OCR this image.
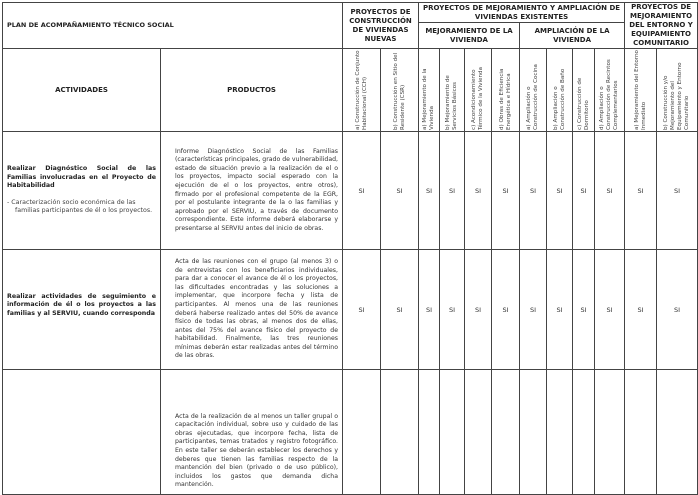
PLAN DE ACOMPAÑAMIENTO TÉCNICO SOCIAL		PROYECTOS DE CONSTRUCCIÓN DE VIVIENDAS NUEVAS		PROYECTOS DE MEJORAMIENTO Y AMPLIACIÓN DE VIVIENDAS EXISTENTES								PROYECTOS DE MEJORAMIENTO DEL ENTORNO Y EQUIPAMIENTO COMUNITARIO	
				MEJORAMIENTO DE LA VIVIENDA				AMPLIACIÓN DE LA VIVIENDA					
ACTIVIDADES	PRODUCTOS	a) Construcción de Conjunto Habitacional (CCH)	b) Construcción en Sitio del Residente (CSR)	a) Mejoramiento de la Vivienda	b) Mejoramiento de Servicios Básicos	c) Acondicionamiento Térmico de la Vivienda	d) Obras de Eficiencia Energética e Hídrica	a) Ampliación o Construcción de Cocina	b) Ampliación o Construcción de Baño	c) Construcción de Dormitorio	d) Ampliación o Construcción de Recintos Complementarios	a) Mejoramiento del Entorno Inmediato	b) Construcción y/o Mejoramiento del Equipamiento y Entorno Comunitario

Realizar Diagnóstico Social de las Familias involucradas en el Proyecto de Habitabilidad
- Caracterización socio económica de las familias participantes de él o los proyectos.	Informe Diagnóstico Social de las Familias (características principales, grado de vulnerabilidad, estado de situación previo a la realización de el o los proyectos, impacto social esperado con la ejecución de el o los proyectos, entre otros), firmado por el profesional competente de la EGR, por el postulante integrante de la o las familias y aprobado por el SERVIU, a través de documento correspondiente. Este informe deberá elaborarse y presentarse al SERVIU antes del inicio de obras.	SI	SI	SI	SI	SI	SI	SI	SI	SI	SI	SI	SI

Realizar actividades de seguimiento e información de él o los proyectos a las familias y al SERVIU, cuando corresponda	Acta de las reuniones con el grupo (al menos 3) o de entrevistas con los beneficiarios individuales, para dar a conocer el avance de él o los proyectos, las dificultades encontradas y las soluciones a implementar, que incorpore fecha y lista de participantes. Al menos una de las reuniones deberá haberse realizado antes del 50% de avance físico de todas las obras, al menos dos de ellas, antes del 75% del avance físico del proyecto de habitabilidad. Finalmente, las tres reuniones mínimas deberán estar realizadas antes del término de las obras.	SI	SI	SI	SI	SI	SI	SI	SI	SI	SI	SI	SI

	Acta de la realización de al menos un taller grupal o capacitación individual, sobre uso y cuidado de las obras ejecutadas, que incorpore fecha, lista de participantes, temas tratados y registro fotográfico. En este taller se deberán establecer los derechos y deberes que tienen las familias respecto de la mantención del bien (privado o de uso público), incluidos los gastos que demanda dicha mantención.												
